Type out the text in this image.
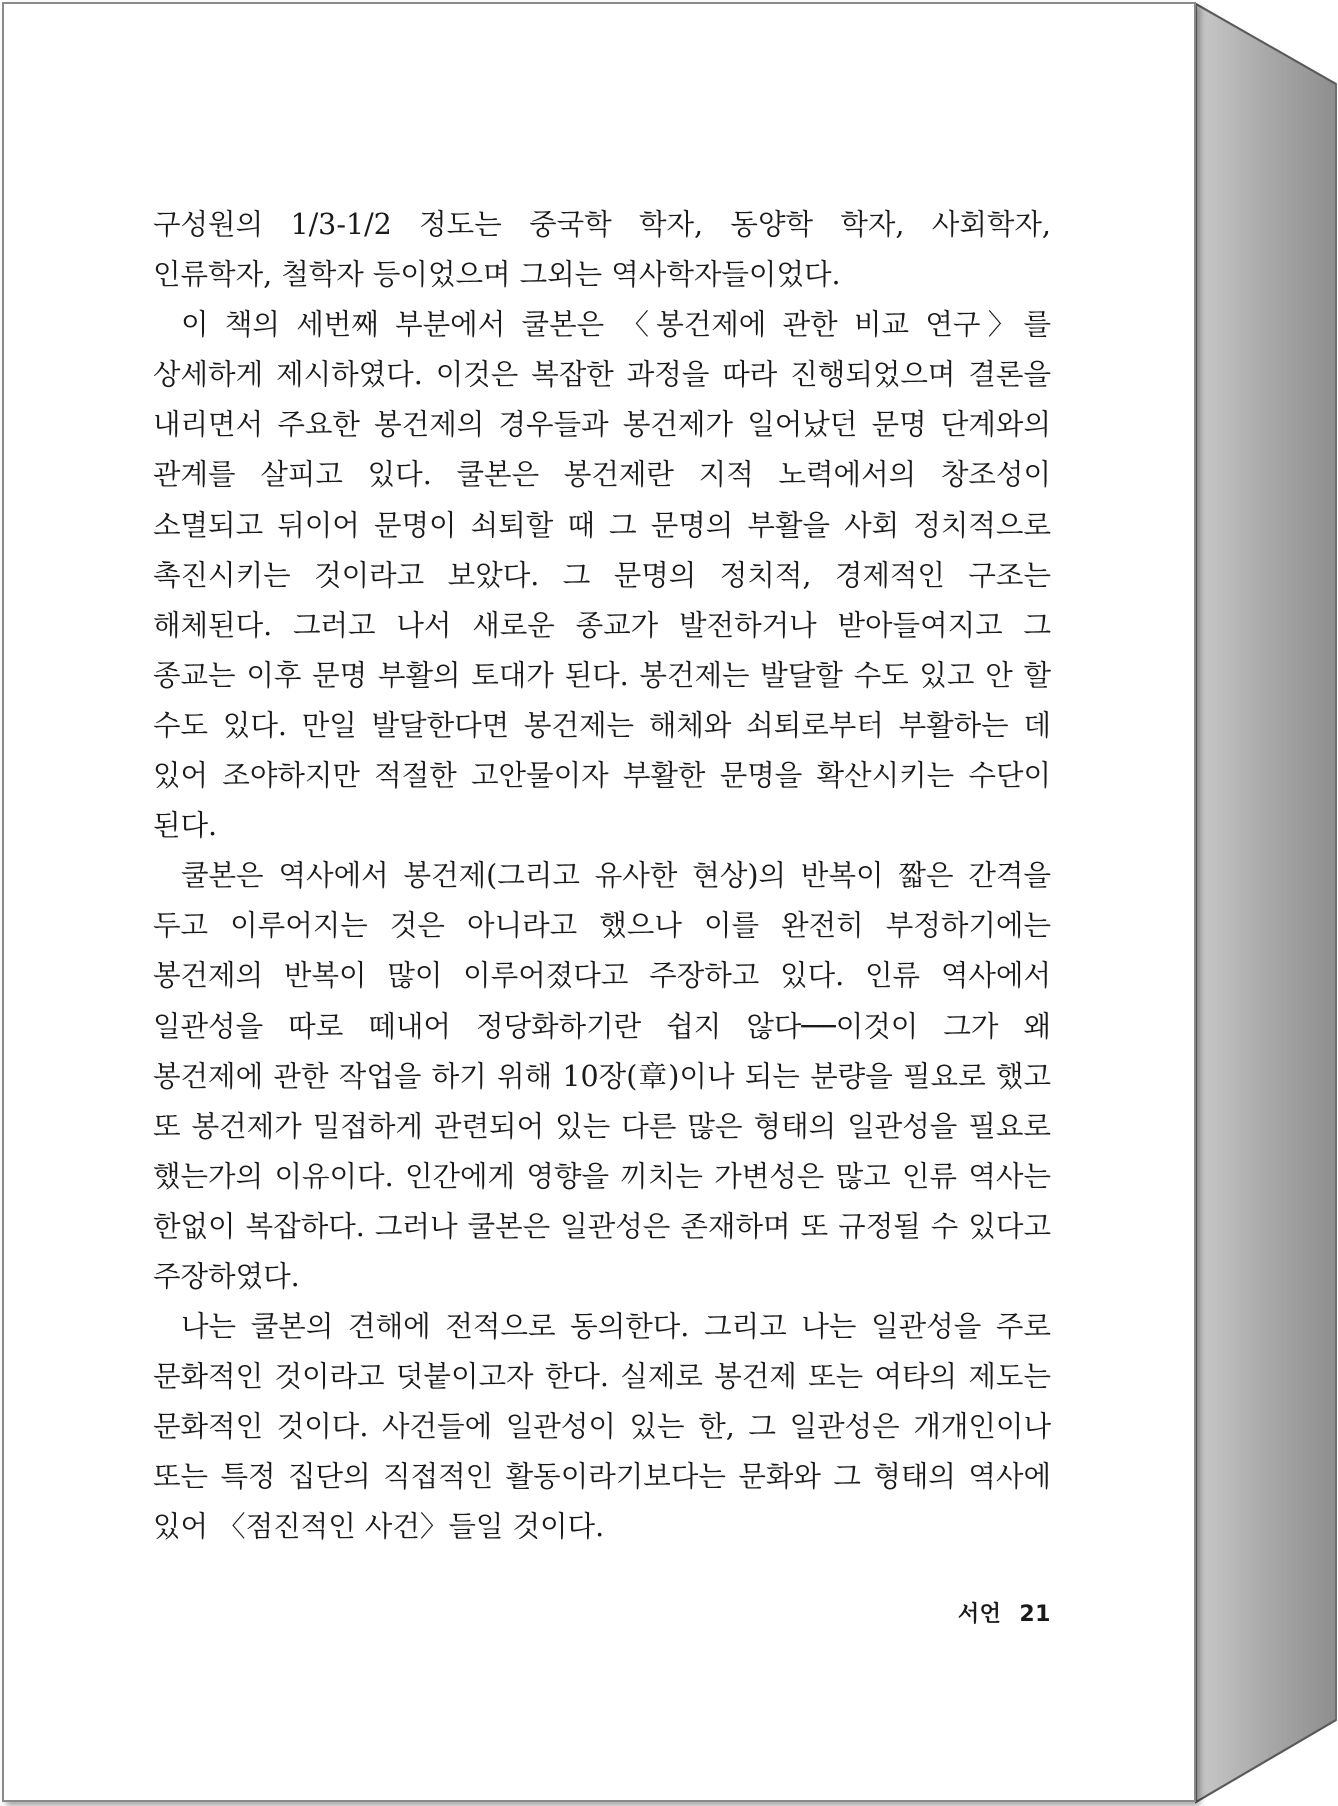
구성원의 1/3-1/2 정도는 중국학 학자, 동양학 학자, 사회학자, 인류학자, 철학자 등이었으며 그외는 역사학자들이었다.

이 책의 세번째 부분에서 쿨본은 〈봉건제에 관한 비교 연구〉를 상세하게 제시하였다. 이것은 복잡한 과정을 따라 진행되었으며 결론을 내리면서 주요한 봉건제의 경우들과 봉건제가 일어났던 문명 단계와의 관계를 살피고 있다. 쿨본은 봉건제란 지적 노력에서의 창조성이 소멸되고 뒤이어 문명이 쇠퇴할 때 그 문명의 부활을 사회 정치적으로 촉진시키는 것이라고 보았다. 그 문명의 정치적, 경제적인 구조는 해체된다. 그러고 나서 새로운 종교가 발전하거나 받아들여지고 그 종교는 이후 문명 부활의 토대가 된다. 봉건제는 발달할 수도 있고 안 할 수도 있다. 만일 발달한다면 봉건제는 해체와 쇠퇴로부터 부활하는 데 있어 조야하지만 적절한 고안물이자 부활한 문명을 확산시키는 수단이 된다.

쿨본은 역사에서 봉건제(그리고 유사한 현상)의 반복이 짧은 간격을 두고 이루어지는 것은 아니라고 했으나 이를 완전히 부정하기에는 봉건제의 반복이 많이 이루어졌다고 주장하고 있다. 인류 역사에서 일관성을 따로 떼내어 정당화하기란 쉽지 않다──이것이 그가 왜 봉건제에 관한 작업을 하기 위해 10장(章)이나 되는 분량을 필요로 했고 또 봉건제가 밀접하게 관련되어 있는 다른 많은 형태의 일관성을 필요로 했는가의 이유이다. 인간에게 영향을 끼치는 가변성은 많고 인류 역사는 한없이 복잡하다. 그러나 쿨본은 일관성은 존재하며 또 규정될 수 있다고 주장하였다.

나는 쿨본의 견해에 전적으로 동의한다. 그리고 나는 일관성을 주로 문화적인 것이라고 덧붙이고자 한다. 실제로 봉건제 또는 여타의 제도는 문화적인 것이다. 사건들에 일관성이 있는 한, 그 일관성은 개개인이나 또는 특정 집단의 직접적인 활동이라기보다는 문화와 그 형태의 역사에 있어 〈점진적인 사건〉들일 것이다.

서언 21
